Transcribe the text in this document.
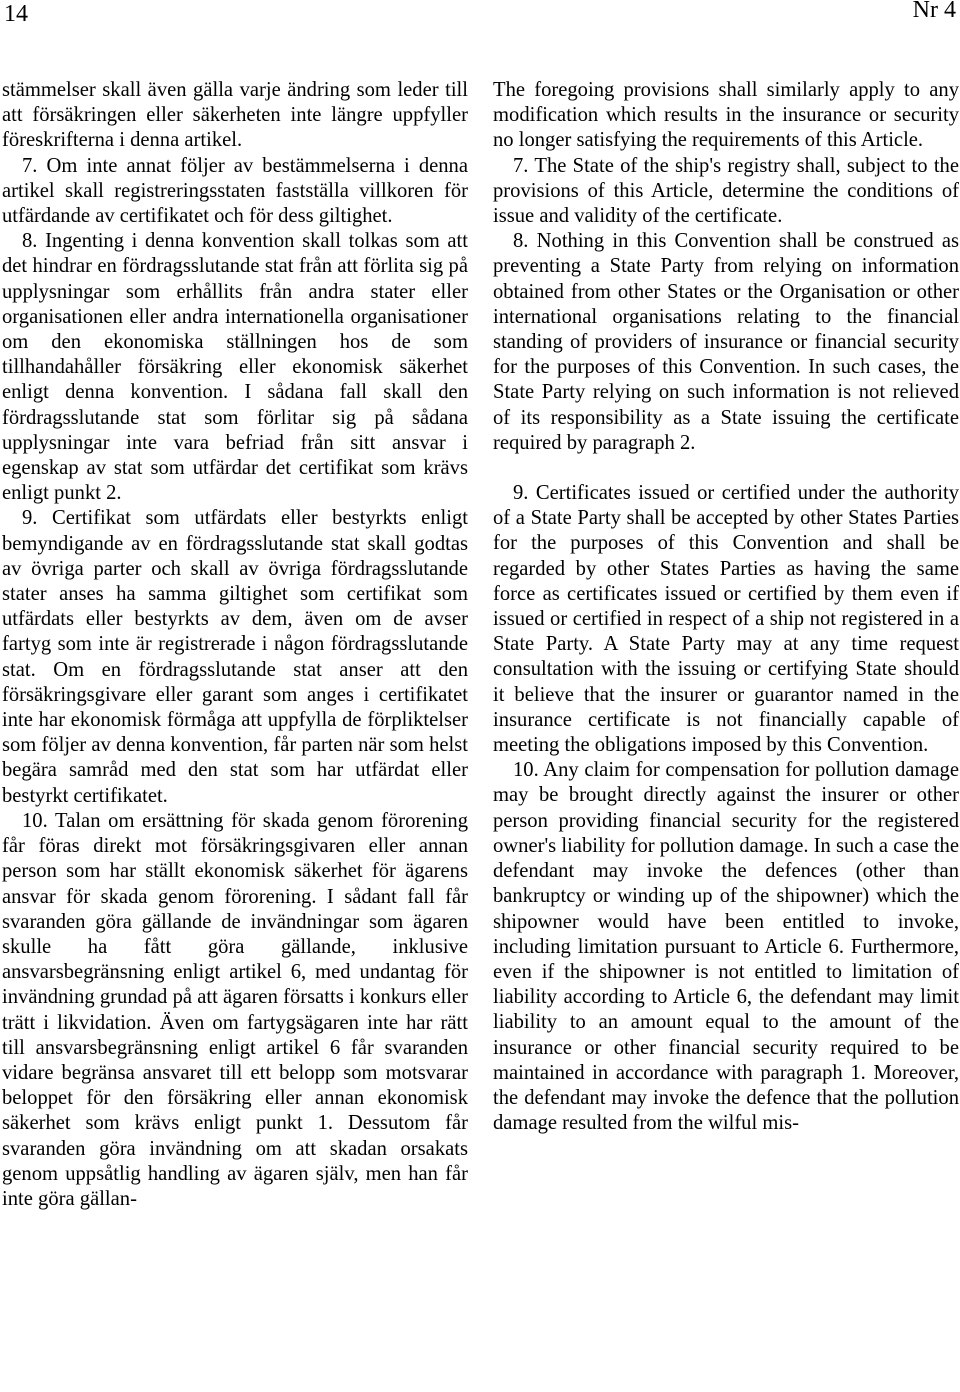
14	Nr 4

stämmelser skall även gälla varje ändring som leder till att försäkringen eller säkerheten inte längre uppfyller föreskrifterna i denna artikel.

7. Om inte annat följer av bestämmelserna i denna artikel skall registreringsstaten fastställa villkoren för utfärdande av certifikatet och för dess giltighet.

8. Ingenting i denna konvention skall tolkas som att det hindrar en fördragsslutande stat från att förlita sig på upplysningar som erhållits från andra stater eller organisationen eller andra internationella organisationer om den ekonomiska ställningen hos de som tillhandahåller försäkring eller ekonomisk säkerhet enligt denna konvention. I sådana fall skall den fördragsslutande stat som förlitar sig på sådana upplysningar inte vara befriad från sitt ansvar i egenskap av stat som utfärdar det certifikat som krävs enligt punkt 2.

9. Certifikat som utfärdats eller bestyrkts enligt bemyndigande av en fördragsslutande stat skall godtas av övriga parter och skall av övriga fördragsslutande stater anses ha samma giltighet som certifikat som utfärdats eller bestyrkts av dem, även om de avser fartyg som inte är registrerade i någon fördragsslutande stat. Om en fördragsslutande stat anser att den försäkringsgivare eller garant som anges i certifikatet inte har ekonomisk förmåga att uppfylla de förpliktelser som följer av denna konvention, får parten när som helst begära samråd med den stat som har utfärdat eller bestyrkt certifikatet.

10. Talan om ersättning för skada genom förorening får föras direkt mot försäkringsgivaren eller annan person som har ställt ekonomisk säkerhet för ägarens ansvar för skada genom förorening. I sådant fall får svaranden göra gällande de invändningar som ägaren skulle ha fått göra gällande, inklusive ansvarsbegränsning enligt artikel 6, med undantag för invändning grundad på att ägaren försatts i konkurs eller trätt i likvidation. Även om fartygsägaren inte har rätt till ansvarsbegränsning enligt artikel 6 får svaranden vidare begränsa ansvaret till ett belopp som motsvarar beloppet för den försäkring eller annan ekonomisk säkerhet som krävs enligt punkt 1. Dessutom får svaranden göra invändning om att skadan orsakats genom uppsåtlig handling av ägaren själv, men han får inte göra gällan-

The foregoing provisions shall similarly apply to any modification which results in the insurance or security no longer satisfying the requirements of this Article.

7. The State of the ship's registry shall, subject to the provisions of this Article, determine the conditions of issue and validity of the certificate.

8. Nothing in this Convention shall be construed as preventing a State Party from relying on information obtained from other States or the Organisation or other international organisations relating to the financial standing of providers of insurance or financial security for the purposes of this Convention. In such cases, the State Party relying on such information is not relieved of its responsibility as a State issuing the certificate required by paragraph 2.

9. Certificates issued or certified under the authority of a State Party shall be accepted by other States Parties for the purposes of this Convention and shall be regarded by other States Parties as having the same force as certificates issued or certified by them even if issued or certified in respect of a ship not registered in a State Party. A State Party may at any time request consultation with the issuing or certifying State should it believe that the insurer or guarantor named in the insurance certificate is not financially capable of meeting the obligations imposed by this Convention.

10. Any claim for compensation for pollution damage may be brought directly against the insurer or other person providing financial security for the registered owner's liability for pollution damage. In such a case the defendant may invoke the defences (other than bankruptcy or winding up of the shipowner) which the shipowner would have been entitled to invoke, including limitation pursuant to Article 6. Furthermore, even if the shipowner is not entitled to limitation of liability according to Article 6, the defendant may limit liability to an amount equal to the amount of the insurance or other financial security required to be maintained in accordance with paragraph 1. Moreover, the defendant may invoke the defence that the pollution damage resulted from the wilful mis-
